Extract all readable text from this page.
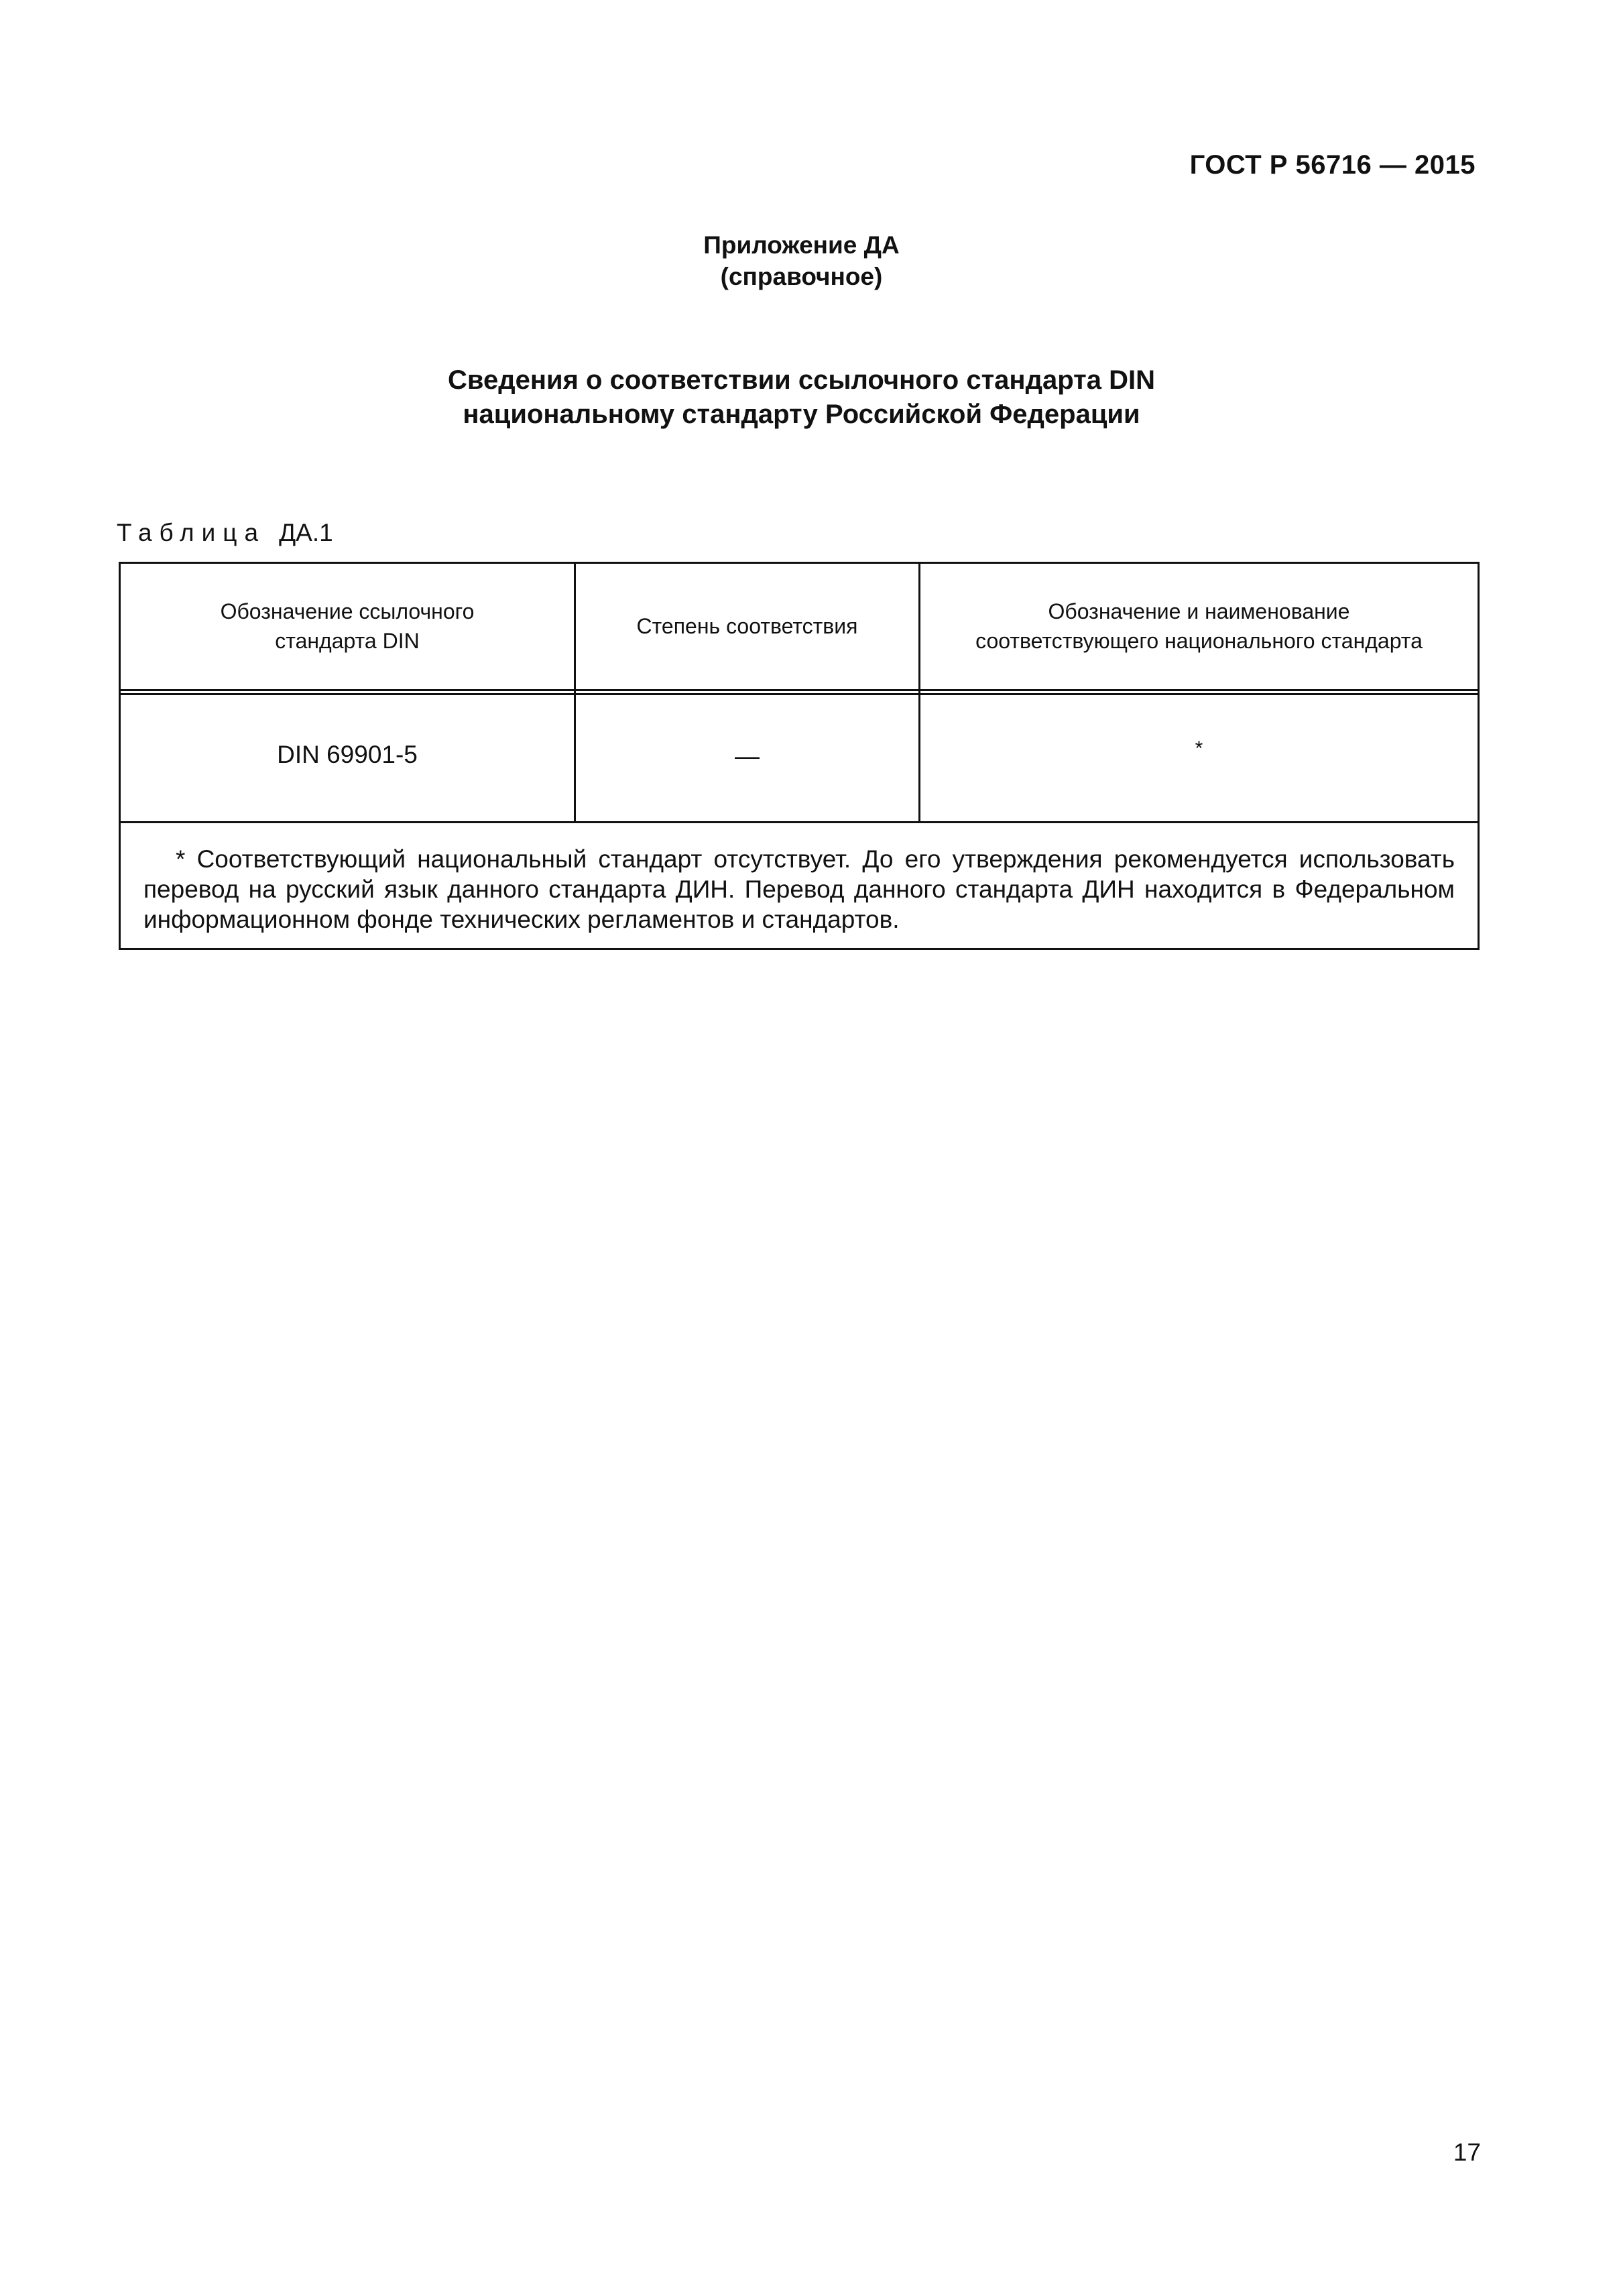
ГОСТ Р 56716 — 2015
Приложение ДА
(справочное)
Сведения о соответствии ссылочного стандарта DIN
национальному стандарту Российской Федерации
Таблица ДА.1
Обозначение ссылочного
стандарта DIN
Степень соответствия
Обозначение и наименование
соответствующего национального стандарта
DIN 69901-5	—	*
* Соответствующий национальный стандарт отсутствует. До его утверждения рекомендуется использовать перевод на русский язык данного стандарта ДИН. Перевод данного стандарта ДИН находится в Федеральном информационном фонде технических регламентов и стандартов.
17
